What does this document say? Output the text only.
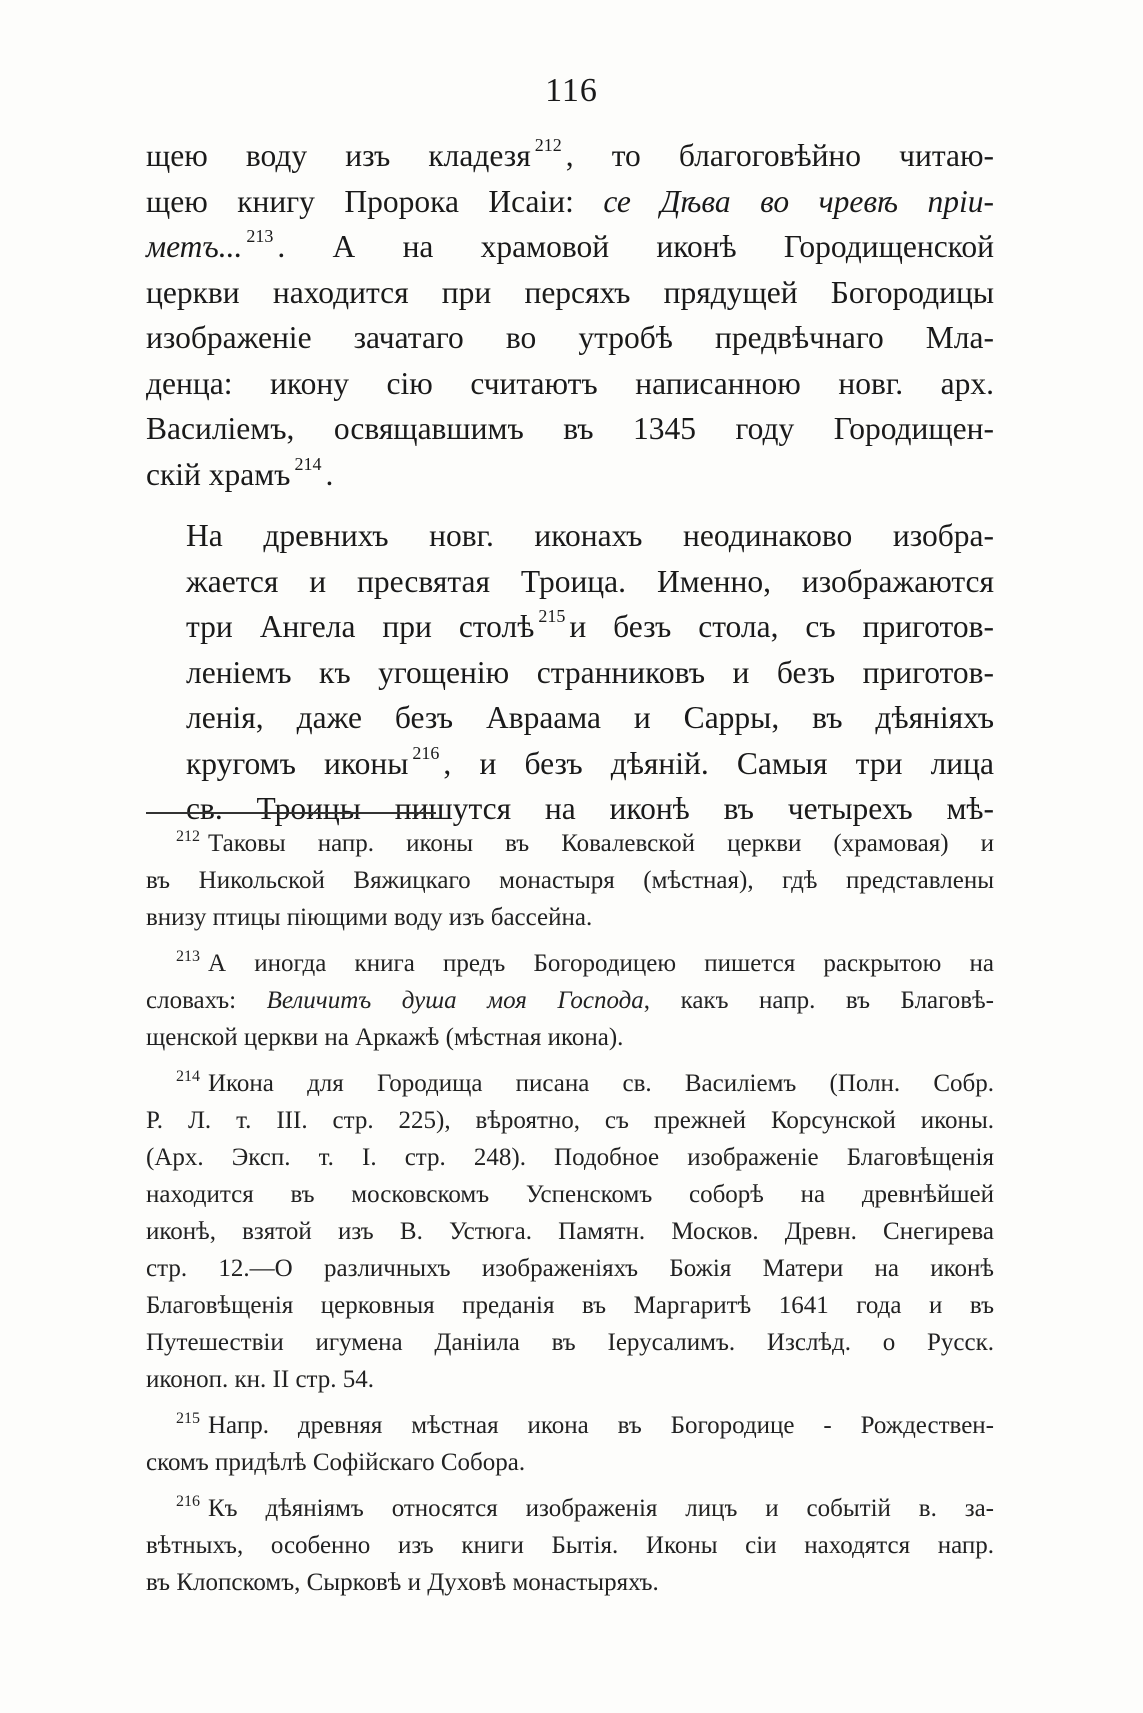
116
щею воду изъ кладезя $^{212}$ , то благоговѣйно читаю-
щею книгу Пророка Исаіи: се Дѣва во чревѣ пріи-
метъ... $^{213}$ . А на храмовой иконѣ Городищенской
церкви находится при персяхъ прядущей Богородицы
изображеніе зачатаго во утробѣ предвѣчнаго Мла-
денца: икону сію считаютъ написанною новг. арх.
Василіемъ, освящавшимъ въ 1345 году Городищен-
скій храмъ $^{214}$ .
На древнихъ новг. иконахъ неодинаково изобра-
жается и пресвятая Троица. Именно, изображаются
три Ангела при столѣ $^{215}$ и безъ стола, съ приготов-
леніемъ къ угощенію странниковъ и безъ приготов-
ленія, даже безъ Авраама и Сарры, въ дѣяніяхъ
кругомъ иконы $^{216}$ , и безъ дѣяній. Самыя три лица
св. Троицы пишутся на иконѣ въ четырехъ мѣ-
$^{212}$ Таковы напр. иконы въ Ковалевской церкви (храмовая) и
въ Никольской Вяжицкаго монастыря (мѣстная), гдѣ представлены
внизу птицы піющими воду изъ бассейна.
$^{213}$ А иногда книга предъ Богородицею пишется раскрытою на
словахъ: Величитъ душа моя Господа, какъ напр. въ Благовѣ-
щенской церкви на Аркажѣ (мѣстная икона).
$^{214}$ Икона для Городища писана св. Василіемъ (Полн. Собр.
Р. Л. т. III. стр. 225), вѣроятно, съ прежней Корсунской иконы.
(Арх. Эксп. т. I. стр. 248). Подобное изображеніе Благовѣщенія
находится въ московскомъ Успенскомъ соборѣ на древнѣйшей
иконѣ, взятой изъ В. Устюга. Памятн. Москов. Древн. Снегирева
стр. 12.—О различныхъ изображеніяхъ Божія Матери на иконѣ
Благовѣщенія церковныя преданія въ Маргаритѣ 1641 года и въ
Путешествіи игумена Даніила въ Іерусалимъ. Изслѣд. о Русск.
иконоп. кн. II стр. 54.
$^{215}$ Напр. древняя мѣстная икона въ Богородице - Рождествен-
скомъ придѣлѣ Софійскаго Собора.
$^{216}$ Къ дѣяніямъ относятся изображенія лицъ и событій в. за-
вѣтныхъ, особенно изъ книги Бытія. Иконы сіи находятся напр.
въ Клопскомъ, Сырковѣ и Духовѣ монастыряхъ.
